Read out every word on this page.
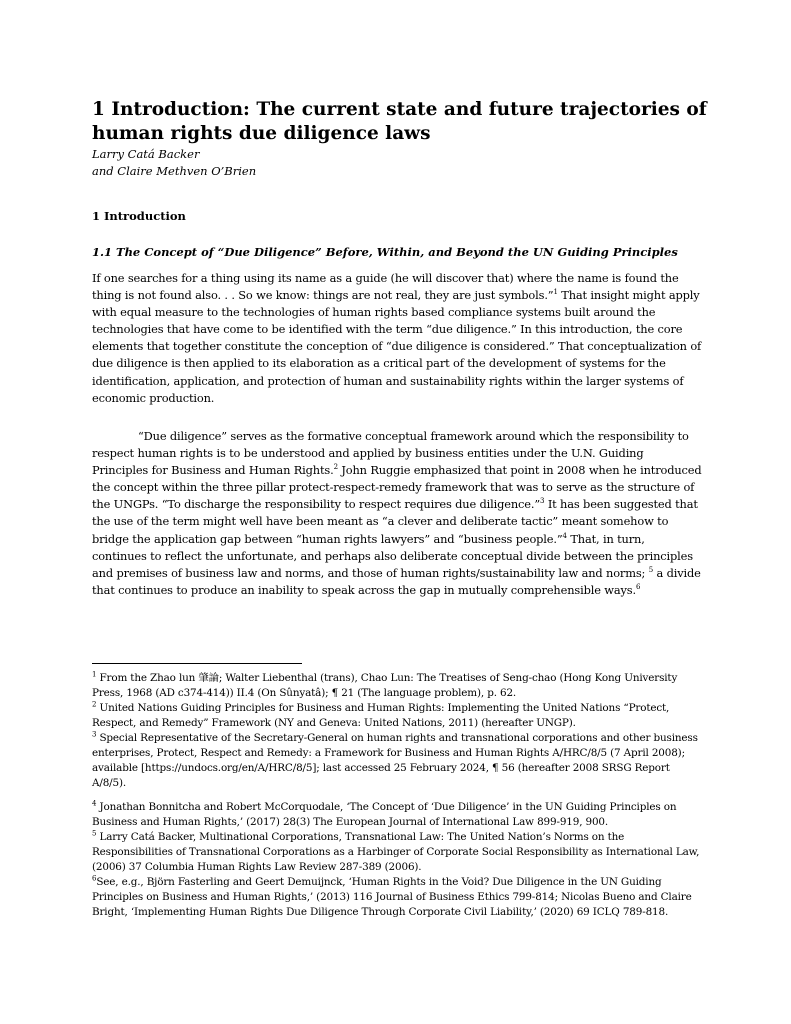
1 Introduction: The current state and future trajectories of human rights due diligence laws

Larry Catá Backer

and Claire Methven O’Brien

1 Introduction
1.1 The Concept of “Due Diligence” Before, Within, and Beyond the UN Guiding Principles

If one searches for a thing using its name as a guide (he will discover that) where the name is found the thing is not found also. . . So we know: things are not real, they are just symbols.”$^1$ That insight might apply with equal measure to the technologies of human rights based compliance systems built around the technologies that have come to be identified with the term “due diligence.” In this introduction, the core elements that together constitute the conception of “due diligence is considered.” That conceptualization of due diligence is then applied to its elaboration as a critical part of the development of systems for the identification, application, and protection of human and sustainability rights within the larger systems of economic production.

“Due diligence” serves as the formative conceptual framework around which the responsibility to respect human rights is to be understood and applied by business entities under the U.N. Guiding Principles for Business and Human Rights.$^2$ John Ruggie emphasized that point in 2008 when he introduced the concept within the three pillar protect-respect-remedy framework that was to serve as the structure of the UNGPs. “To discharge the responsibility to respect requires due diligence.”$^3$ It has been suggested that the use of the term might well have been meant as “a clever and deliberate tactic” meant somehow to bridge the application gap between “human rights lawyers” and “business people.”$^4$ That, in turn, continues to reflect the unfortunate, and perhaps also deliberate conceptual divide between the principles and premises of business law and norms, and those of human rights/sustainability law and norms; $^5$ a divide that continues to produce an inability to speak across the gap in mutually comprehensible ways.$^6$

$^1$ From the Zhao lun 肇論; Walter Liebenthal (trans), Chao Lun: The Treatises of Seng-chao (Hong Kong University Press, 1968 (AD c374-414)) II.4 (On Sûnyatâ); ¶ 21 (The language problem), p. 62.

$^2$ United Nations Guiding Principles for Business and Human Rights: Implementing the United Nations “Protect, Respect, and Remedy” Framework (NY and Geneva: United Nations, 2011) (hereafter UNGP).

$^3$ Special Representative of the Secretary-General on human rights and transnational corporations and other business enterprises, Protect, Respect and Remedy: a Framework for Business and Human Rights A/HRC/8/5 (7 April 2008); available [https://undocs.org/en/A/HRC/8/5]; last accessed 25 February 2024, ¶ 56 (hereafter 2008 SRSG Report A/8/5).

$^4$ Jonathan Bonnitcha and Robert McCorquodale, ‘The Concept of ‘Due Diligence’ in the UN Guiding Principles on Business and Human Rights,’ (2017) 28(3) The European Journal of International Law 899-919, 900.

$^5$ Larry Catá Backer, Multinational Corporations, Transnational Law: The United Nation’s Norms on the Responsibilities of Transnational Corporations as a Harbinger of Corporate Social Responsibility as International Law, (2006) 37 Columbia Human Rights Law Review 287-389 (2006).

$^6$See, e.g., Björn Fasterling and Geert Demuijnck, ‘Human Rights in the Void? Due Diligence in the UN Guiding Principles on Business and Human Rights,’ (2013) 116 Journal of Business Ethics 799-814; Nicolas Bueno and Claire Bright, ‘Implementing Human Rights Due Diligence Through Corporate Civil Liability,’ (2020) 69 ICLQ 789-818.
